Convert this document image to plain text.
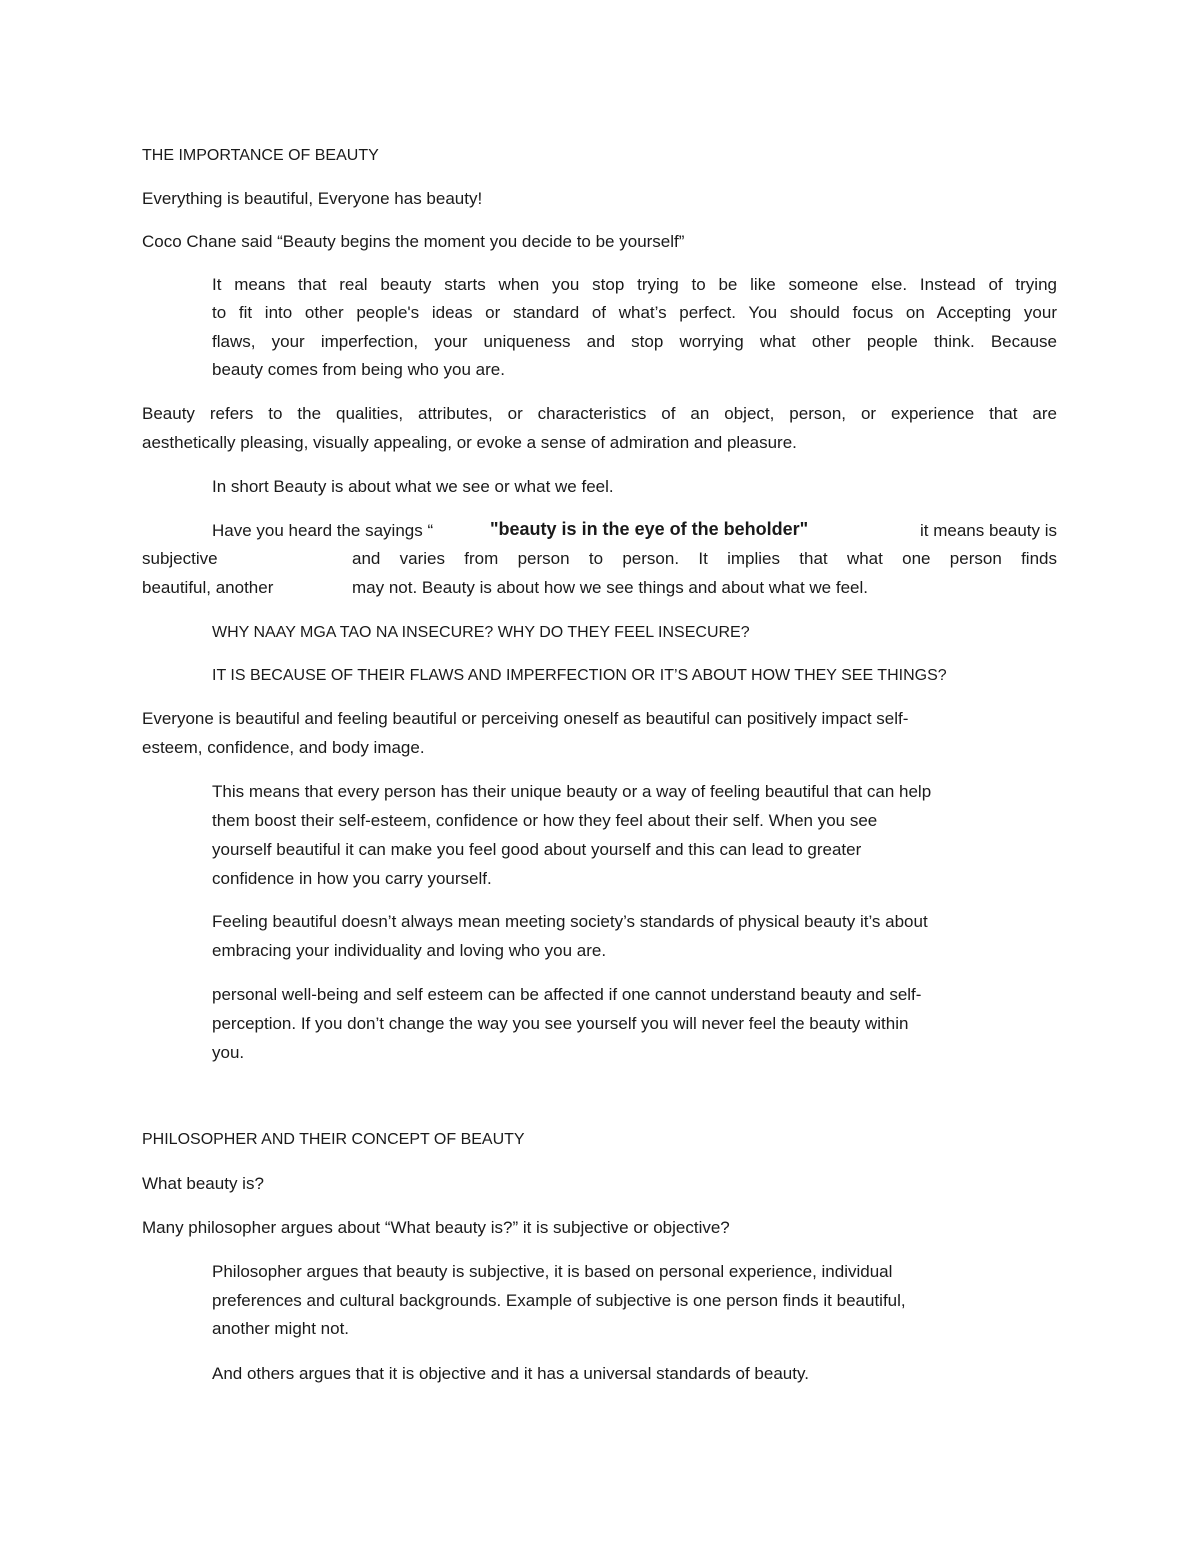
THE IMPORTANCE OF BEAUTY

Everything is beautiful, Everyone has beauty!

Coco Chane said “Beauty begins the moment you decide to be yourself”

It means that real beauty starts when you stop trying to be like someone else. Instead of trying

to fit into other people's ideas or standard of what’s perfect. You should focus on Accepting your

flaws, your imperfection, your uniqueness and stop worrying what other people think. Because

beauty comes from being who you are.

Beauty refers to the qualities, attributes, or characteristics of an object, person, or experience that are

aesthetically pleasing, visually appealing, or evoke a sense of admiration and pleasure.

In short Beauty is about what we see or what we feel.

Have you heard the sayings “	"beauty is in the eye of the beholder"	it means beauty is

subjective	and varies from person to person. It implies that what one person finds

beautiful, another	may not. Beauty is about how we see things and about what we feel.

WHY NAAY MGA TAO NA INSECURE? WHY DO THEY FEEL INSECURE?

IT IS BECAUSE OF THEIR FLAWS AND IMPERFECTION OR IT’S ABOUT HOW THEY SEE THINGS?

Everyone is beautiful and feeling beautiful or perceiving oneself as beautiful can positively impact self-

esteem, confidence, and body image.

This means that every person has their unique beauty or a way of feeling beautiful that can help

them boost their self-esteem, confidence or how they feel about their self. When you see

yourself beautiful it can make you feel good about yourself and this can lead to greater

confidence in how you carry yourself.

Feeling beautiful doesn’t always mean meeting society’s standards of physical beauty it’s about

embracing your individuality and loving who you are.

personal well-being and self esteem can be affected if one cannot understand beauty and self-

perception. If you don’t change the way you see yourself you will never feel the beauty within

you.

PHILOSOPHER AND THEIR CONCEPT OF BEAUTY

What beauty is?

Many philosopher argues about “What beauty is?” it is subjective or objective?

Philosopher argues that beauty is subjective, it is based on personal experience, individual

preferences and cultural backgrounds. Example of subjective is one person finds it beautiful,

another might not.

And others argues that it is objective and it has a universal standards of beauty.
